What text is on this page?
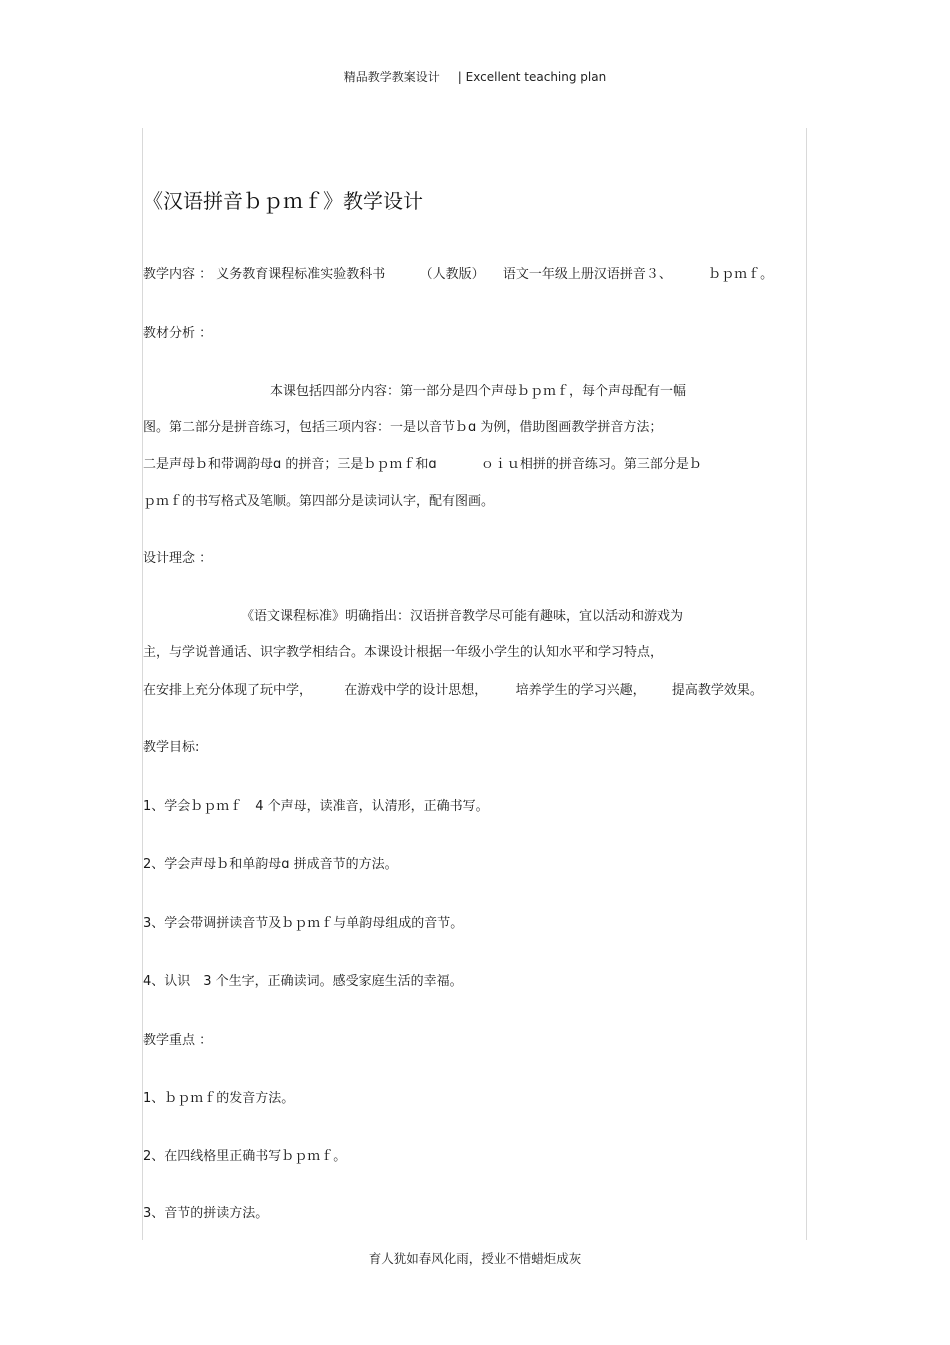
精品教学教案设计 | Excellent teaching plan
《汉语拼音ｂｐｍｆ》教学设计
教学内容 ： 义务教育课程标准实验教科书	（人教版） 语文一年级上册汉语拼音３、	ｂｐｍｆ。
教材分析 ：
本课包括四部分内容：第一部分是四个声母ｂｐｍｆ，每个声母配有一幅
图。第二部分是拼音练习，包括三项内容：一是以音节ｂɑ 为例，借助图画教学拼音方法；
二是声母ｂ和带调韵母ɑ 的拼音；三是ｂｐｍｆ和ɑ	ｏｉｕ相拼的拼音练习。第三部分是ｂ
ｐｍｆ的书写格式及笔顺。第四部分是读词认字，配有图画。
设计理念 ：
《语文课程标准》明确指出：汉语拼音教学尽可能有趣味，宜以活动和游戏为
主，与学说普通话、识字教学相结合。本课设计根据一年级小学生的认知水平和学习特点，
在安排上充分体现了玩中学， 在游戏中学的设计思想， 培养学生的学习兴趣， 提高教学效果。
教学目标:
1、学会ｂｐｍｆ　4 个声母，读准音，认清形，正确书写。
2、学会声母ｂ和单韵母ɑ 拼成音节的方法。
3、学会带调拼读音节及ｂｐｍｆ与单韵母组成的音节。
4、认识　3 个生字，正确读词。感受家庭生活的幸福。
教学重点 ：
1、ｂｐｍｆ的发音方法。
2、在四线格里正确书写ｂｐｍｆ。
3、音节的拼读方法。
育人犹如春风化雨，授业不惜蜡炬成灰
